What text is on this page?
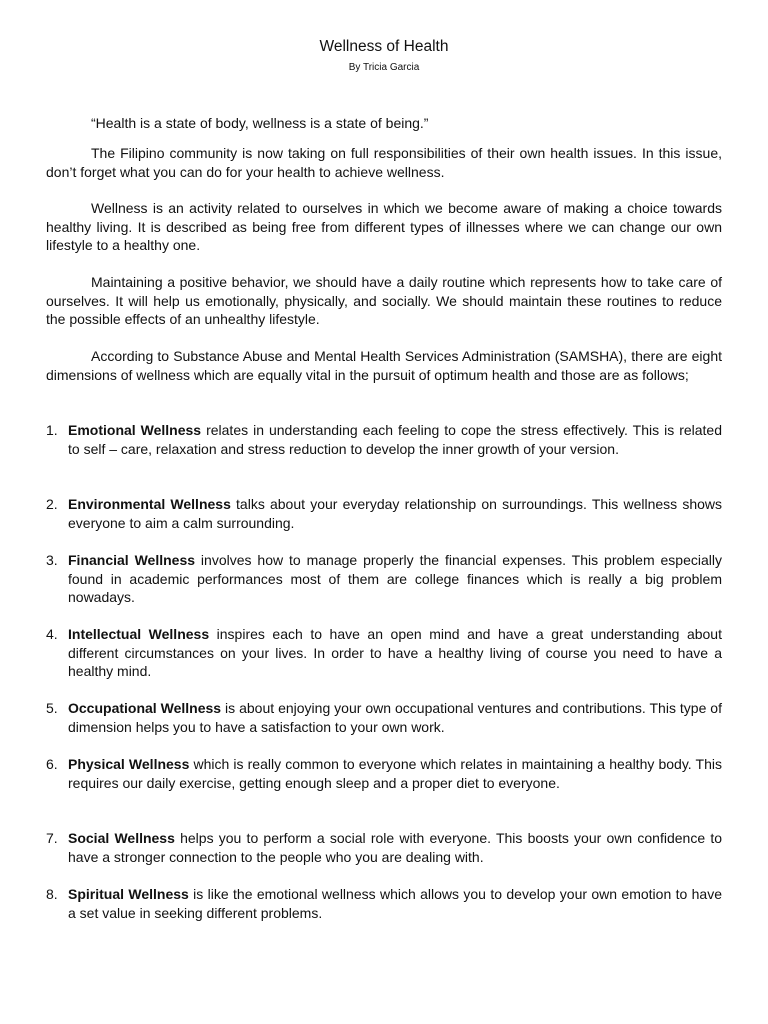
Wellness of Health
By Tricia Garcia
“Health is a state of body, wellness is a state of being.”

The Filipino community is now taking on full responsibilities of their own health issues. In this issue, don’t forget what you can do for your health to achieve wellness.

Wellness is an activity related to ourselves in which we become aware of making a choice towards healthy living. It is described as being free from different types of illnesses where we can change our own lifestyle to a healthy one.

Maintaining a positive behavior, we should have a daily routine which represents how to take care of ourselves. It will help us emotionally, physically, and socially. We should maintain these routines to reduce the possible effects of an unhealthy lifestyle.

According to Substance Abuse and Mental Health Services Administration (SAMSHA), there are eight dimensions of wellness which are equally vital in the pursuit of optimum health and those are as follows;

1. Emotional Wellness relates in understanding each feeling to cope the stress effectively. This is related to self – care, relaxation and stress reduction to develop the inner growth of your version.
2. Environmental Wellness talks about your everyday relationship on surroundings. This wellness shows everyone to aim a calm surrounding.
3. Financial Wellness involves how to manage properly the financial expenses. This problem especially found in academic performances most of them are college finances which is really a big problem nowadays.
4. Intellectual Wellness inspires each to have an open mind and have a great understanding about different circumstances on your lives. In order to have a healthy living of course you need to have a healthy mind.
5. Occupational Wellness is about enjoying your own occupational ventures and contributions. This type of dimension helps you to have a satisfaction to your own work.
6. Physical Wellness which is really common to everyone which relates in maintaining a healthy body. This requires our daily exercise, getting enough sleep and a proper diet to everyone.
7. Social Wellness helps you to perform a social role with everyone. This boosts your own confidence to have a stronger connection to the people who you are dealing with.
8. Spiritual Wellness is like the emotional wellness which allows you to develop your own emotion to have a set value in seeking different problems.
